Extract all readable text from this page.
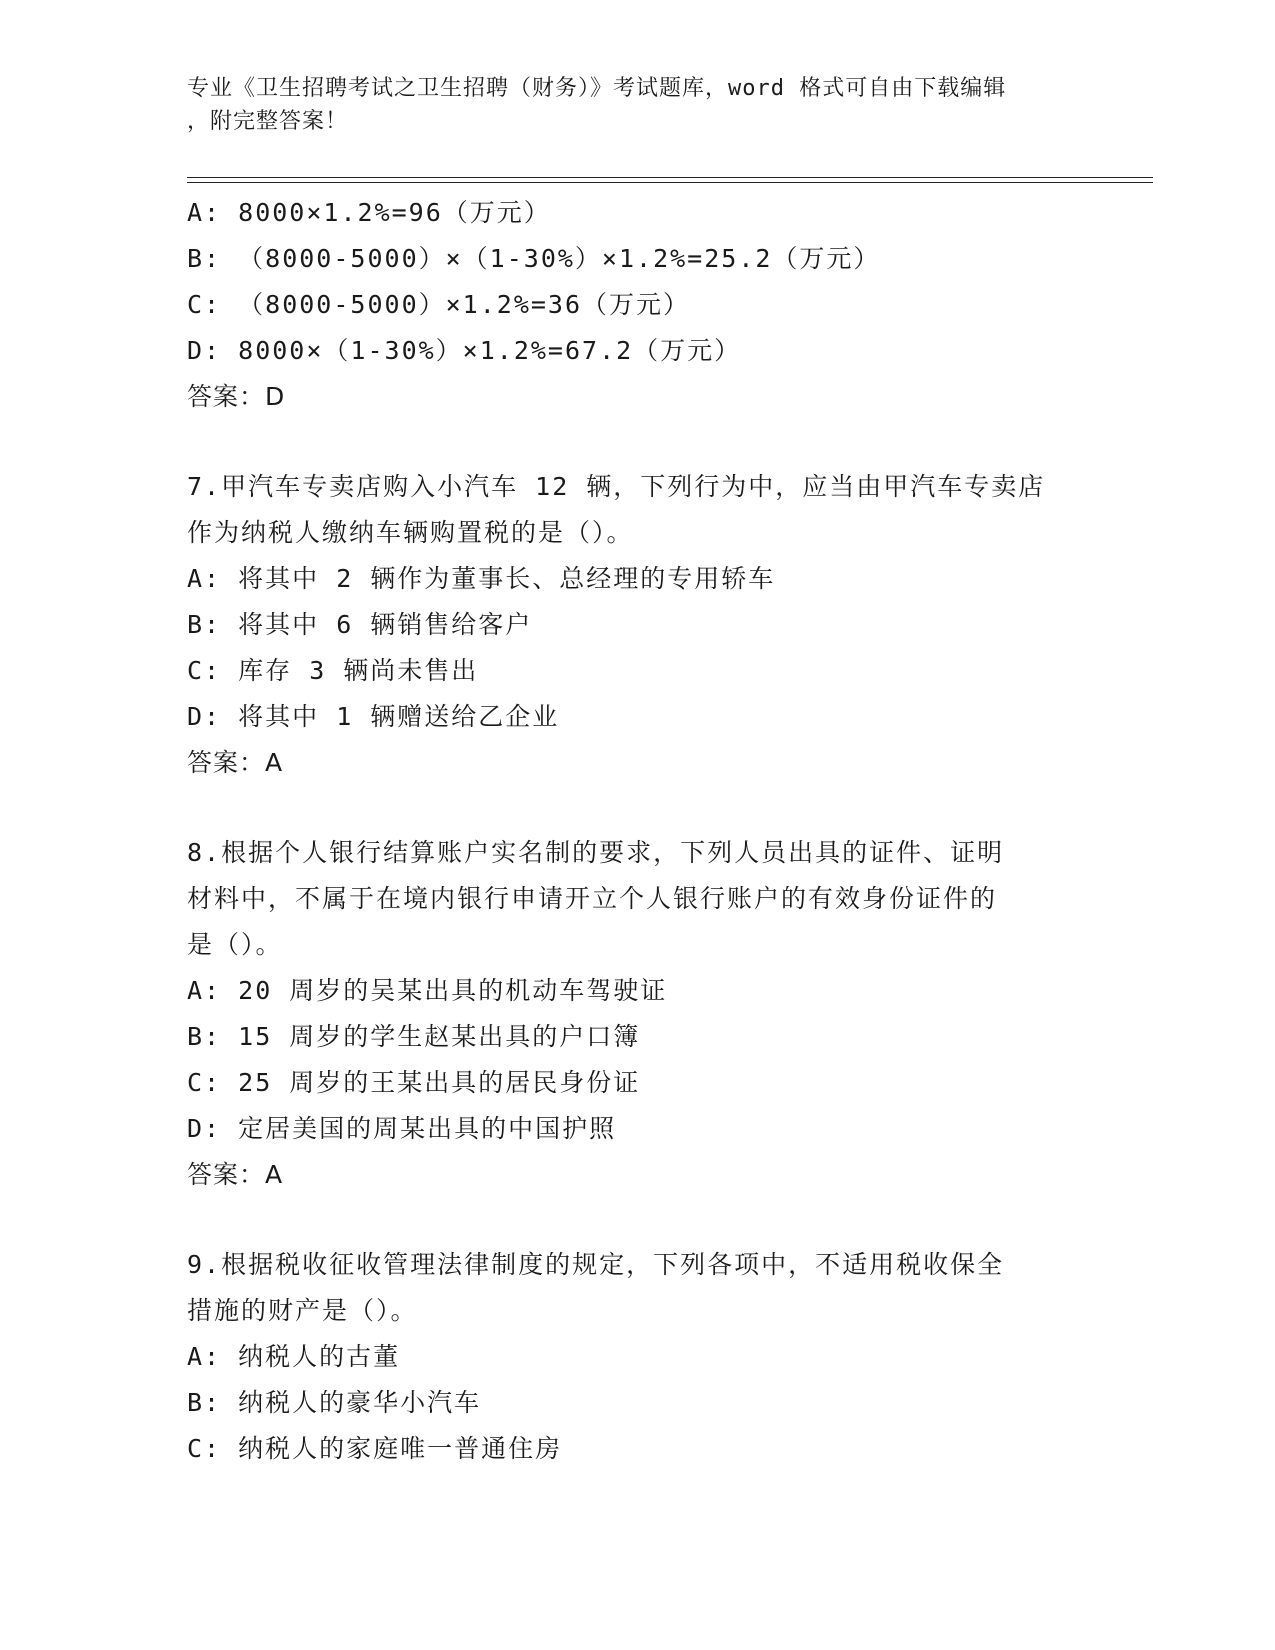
专业《卫生招聘考试之卫生招聘（财务）》考试题库，word 格式可自由下载编辑
，附完整答案！
A: 8000×1.2%=96（万元）
B: （8000-5000）×（1-30%）×1.2%=25.2（万元）
C: （8000-5000）×1.2%=36（万元）
D: 8000×（1-30%）×1.2%=67.2（万元）
答案：D
7.甲汽车专卖店购入小汽车 12 辆，下列行为中，应当由甲汽车专卖店
作为纳税人缴纳车辆购置税的是（）。
A: 将其中 2 辆作为董事长、总经理的专用轿车
B: 将其中 6 辆销售给客户
C: 库存 3 辆尚未售出
D: 将其中 1 辆赠送给乙企业
答案：A
8.根据个人银行结算账户实名制的要求，下列人员出具的证件、证明
材料中，不属于在境内银行申请开立个人银行账户的有效身份证件的
是（）。
A: 20 周岁的吴某出具的机动车驾驶证
B: 15 周岁的学生赵某出具的户口簿
C: 25 周岁的王某出具的居民身份证
D: 定居美国的周某出具的中国护照
答案：A
9.根据税收征收管理法律制度的规定，下列各项中，不适用税收保全
措施的财产是（）。
A: 纳税人的古董
B: 纳税人的豪华小汽车
C: 纳税人的家庭唯一普通住房
